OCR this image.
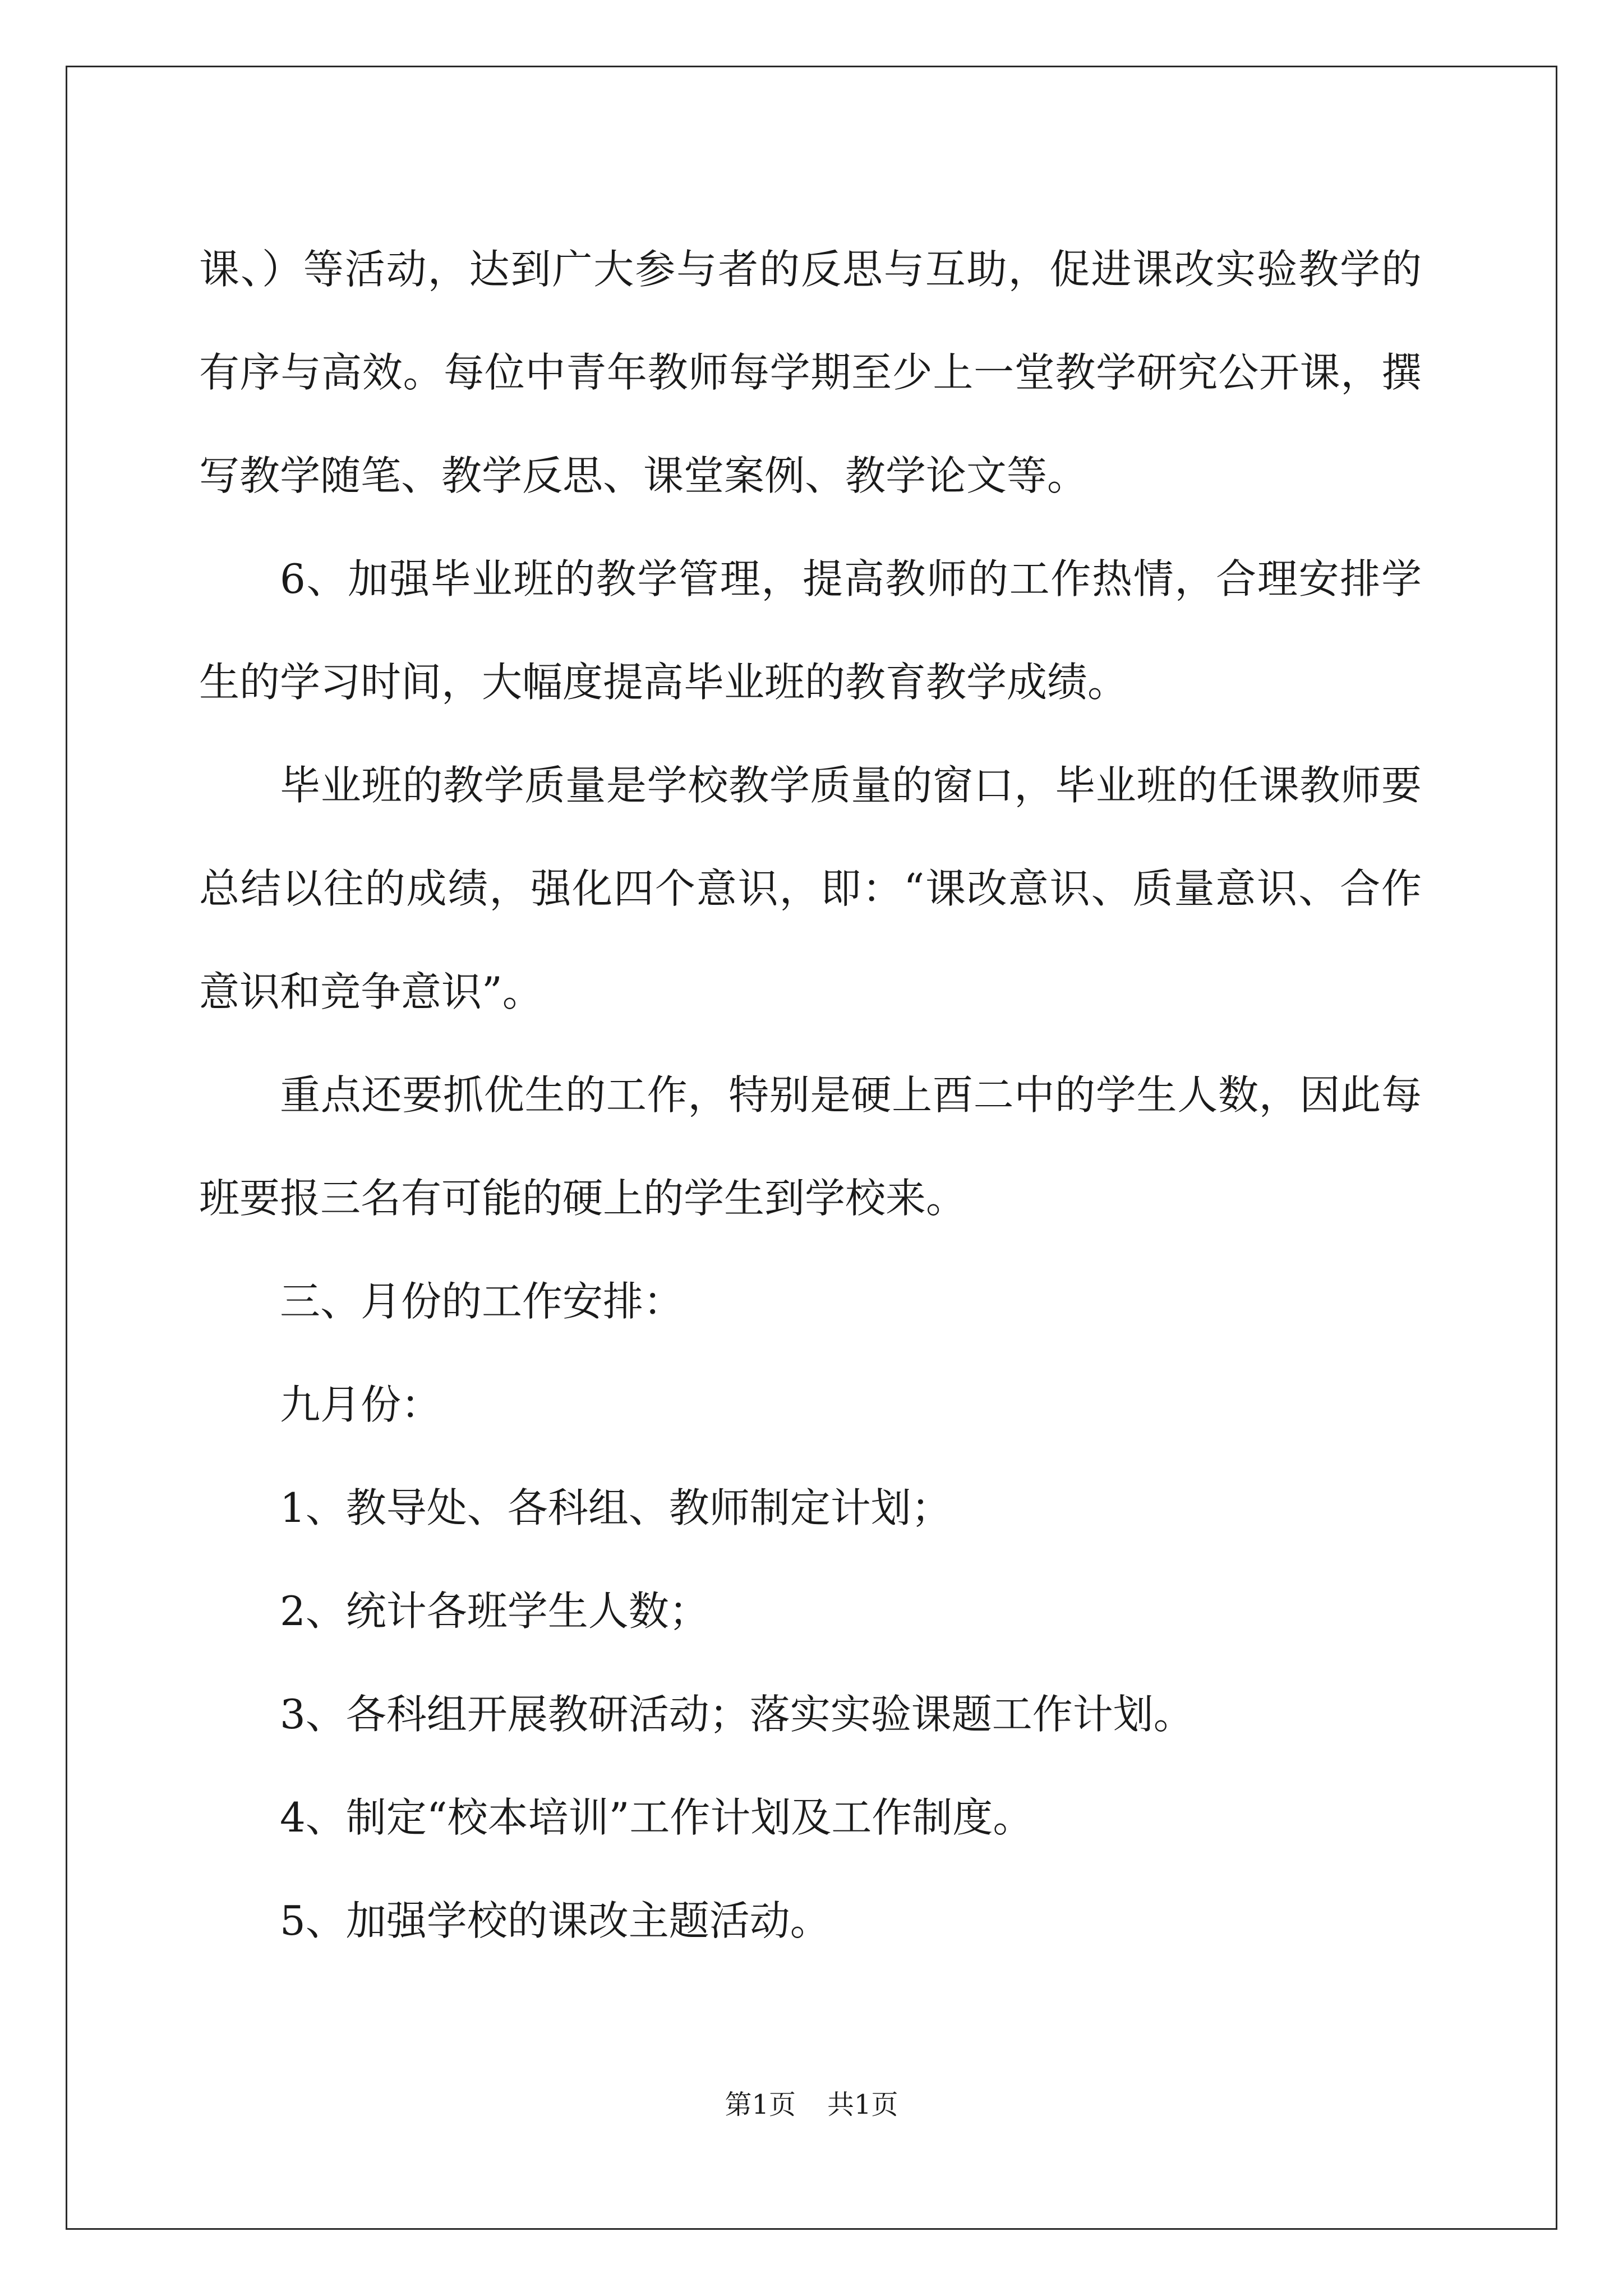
课、）等活动，达到广大参与者的反思与互助，促进课改实验教学的有序与高效。每位中青年教师每学期至少上一堂教学研究公开课，撰写教学随笔、教学反思、课堂案例、教学论文等。

6、加强毕业班的教学管理，提高教师的工作热情，合理安排学生的学习时间，大幅度提高毕业班的教育教学成绩。

毕业班的教学质量是学校教学质量的窗口，毕业班的任课教师要总结以往的成绩，强化四个意识，即：“课改意识、质量意识、合作意识和竞争意识”。

重点还要抓优生的工作，特别是硬上酉二中的学生人数，因此每班要报三名有可能的硬上的学生到学校来。

三、月份的工作安排：

九月份：

1、教导处、各科组、教师制定计划；

2、统计各班学生人数；

3、各科组开展教研活动；落实实验课题工作计划。

4、制定“校本培训”工作计划及工作制度。

5、加强学校的课改主题活动。

第1页 共1页
